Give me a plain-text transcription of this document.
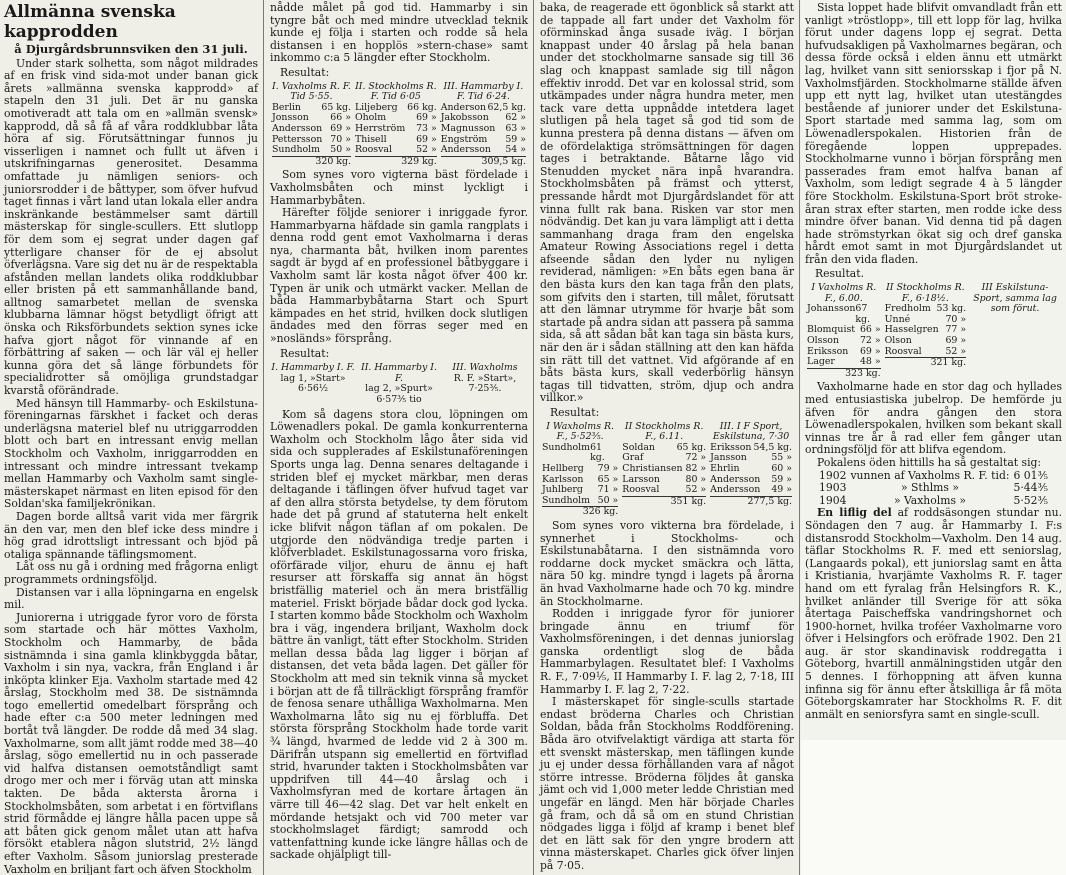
Allmänna svenska kapprodden
å Djurgårdsbrunnsviken den 31 juli.

Under stark solhetta, som något mildrades af en frisk vind sida-mot under banan gick årets »allmänna svenska kapprodd» af stapeln den 31 juli. Det är nu ganska omotiveradt att tala om en »allmän svensk» kapprodd, då så få af våra roddklubbar låta höra af sig. Förutsättningar funnos ju visserligen i namnet och fullt ut äfven i utskrifningarnas generositet. Desamma omfattade ju nämligen seniors- och juniorsrodder i de båttyper, som öfver hufvud taget finnas i vårt land utan lokala eller andra inskränkande bestämmelser samt därtill mästerskap för single-scullers. Ett slutlopp för dem som ej segrat under dagen gaf ytterligare chanser för de ej absolut öfverlägsna. Vare sig det nu är de respektabla afstånden mellan landets olika roddklubbar eller bristen på ett sammanhållande band, alltnog samarbetet mellan de svenska klubbarna lämnar högst betydligt öfrigt att önska och Riksförbundets sektion synes icke hafva gjort något för vinnande af en förbättring af saken — och lär väl ej heller kunna göra det så länge förbundets för specialidrotter så omöjliga grundstadgar kvarstå oförändrade.

Med hänsyn till Hammarby- och Eskilstuna-föreningarnas färskhet i facket och deras underlägsna materiel blef nu utriggarrodden blott och bart en intressant envig mellan Stockholm och Vaxholm, inriggarrodden en intressant och mindre intressant tvekamp mellan Hammarby och Vaxholm samt single-mästerskapet närmast en liten episod för den Soldan'ska familjekrönikan.

Dagen borde alltså varit vida mer färgrik än den var, men den blef icke dess mindre i hög grad idrottsligt intressant och bjöd på otaliga spännande täflingsmoment.

Låt oss nu gå i ordning med frågorna enligt programmets ordningsföljd.

Distansen var i alla löpningarna en engelsk mil.

Juniorerna i utriggade fyror voro de första som startade och här möttes Vaxholm, Stockholm och Hammarby, de båda sistnämnda i sina gamla klinkbyggda båtar, Vaxholm i sin nya, vackra, från England i år inköpta klinker Eja. Vaxholm startade med 42 årslag, Stockholm med 38. De sistnämnda togo emellertid omedelbart försprång och hade efter c:a 500 meter ledningen med bortåt två längder. De rodde då med 34 slag. Vaxholmarne, som allt jämt rodde med 38—40 årslag, sögo emellertid nu in och passerade vid halfva distansen oemotståndligt samt drogo mer och mer i förväg utan att minska takten. De båda aktersta årorna i Stockholmsbåten, som arbetat i en förtviflans strid förmådde ej längre hålla pacen uppe så att båten gick genom målet utan att hafva försökt etablera någon slutstrid, 2½ längd efter Vaxholm. Såsom juniorslag presterade Vaxholm en briljant fart och äfven Stockholm

nådde målet på god tid. Hammarby i sin tyngre båt och med mindre utvecklad teknik kunde ej följa i starten och rodde så hela distansen i en hopplös »stern-chase» samt inkommo c:a 5 längder efter Stockholm.

Resultat:

I. Vaxholms R. F. Tid 5·55.
Berlin 65 kg.
Jonsson 66 »
Andersson 69 »
Pettersson 70 »
Sundholm 50 »
320 kg.

II. Stockholms R. F. Tid 6·05
Liljeberg 66 kg.
Oholm	69 »
Herrström 73 »
Thisell	69 »
Roosval	52 »
329 kg.

III. Hammarby I. F. Tid 6·24.
Anderson 62,5 kg.
Jakobsson 62 »
Magnusson 63 »
Engström 59 »
Andersson 54 »
309,5 kg.

Som synes voro vigterna bäst fördelade i Vaxholmsbåten och minst lyckligt i Hammarbybåten.

Härefter följde seniorer i inriggade fyror. Hammarbyarna häfdade sin gamla rangplats i denna rodd gent emot Vaxholmarna i deras nya, charmanta båt, hvilken inom parentes sagdt är bygd af en professionel båtbyggare i Vaxholm samt lär kosta något öfver 400 kr. Typen är unik och utmärkt vacker. Mellan de båda Hammarbybåtarna Start och Spurt kämpades en het strid, hvilken dock slutligen ändades med den förras seger med en »nosländs» försprång.

Resultat:

I. Hammarby I. F.
lag 1, »Start»
6·56½
II. Hammarby I. F.
lag 2, »Spurt»
6·57⅗ tio
III. Waxholms
R. F. »Start»,
7·25⅗.

Kom så dagens stora clou, löpningen om Löwenadlers pokal. De gamla konkurrenterna Waxholm och Stockholm lågo åter sida vid sida och supplerades af Eskilstunaföreningen Sports unga lag. Denna senares deltagande i striden blef ej mycket märkbar, men deras deltagande i täflingen öfver hufvud taget var af den allra största betydelse, ty dem förutom hade det på grund af statuterna helt enkelt icke blifvit någon täflan af om pokalen. De utgjorde den nödvändiga tredje parten i klöfverbladet. Eskilstunagossarna voro friska, oförfärade viljor, ehuru de ännu ej haft resurser att förskaffa sig annat än högst bristfällig materiel och än mera bristfällig materiel. Friskt började bådar dock god lycka. I starten kommo både Stockholm och Waxholm bra i väg, ingendera briljant, Waxholm dock bättre än vanligt, tätt efter Stockholm. Striden mellan dessa båda lag ligger i början af distansen, det veta båda lagen. Det gäller för Stockholm att med sin teknik vinna så mycket i början att de få tillräckligt försprång framför de fenosa senare uthålliga Waxholmarna. Men Waxholmarna låto sig nu ej förbluffa. Det största försprång Stockholm hade torde varit ¾ längd, hvarmed de ledde vid 2 à 300 m. Därifrån utspann sig emellertid en förtviflad strid, hvarunder takten i Stockholmsbåten var uppdrifven till 44—40 årslag och i Vaxholmsfyran med de kortare årtagen än värre till 46—42 slag. Det var helt enkelt en mördande hetsjakt och vid 700 meter var stockholmslaget färdigt; samrodd och vattenfattning kunde icke längre hållas och de sackade ohjälpligt till-

baka, de reagerade ett ögonblick så starkt att de tappade all fart under det Vaxholm för oförminskad ånga susade iväg. I början knappast under 40 årslag på hela banan under det stockholmarne sansade sig till 36 slag och knappast samlade sig till någon effektiv inrodd. Det var en kolossal strid, som utkämpades under några hundra meter, men tack vare detta uppnådde intetdera laget slutligen på hela taget så god tid som de kunna prestera på denna distans — äfven om de ofördelaktiga strömsättningen för dagen tages i betraktande. Båtarne lågo vid Stenudden mycket nära inpå hvarandra. Stockholmsbåten på främst och ytterst, pressande hårdt mot Djurgårdslandet för att vinna fullt rak bana. Risken var stor men nödvändig. Det kan ju vara lämpligt att i detta sammanhang draga fram den engelska Amateur Rowing Associations regel i detta afseende sådan den lyder nu nyligen reviderad, nämligen: »En båts egen bana är den bästa kurs den kan taga från den plats, som gifvits den i starten, till målet, förutsatt att den lämnar utrymme för hvarje båt som startade på andra sidan att passera på samma sida, så att sådan båt kan taga sin bästa kurs, när den är i sådan ställning att den kan häfda sin rätt till det vattnet. Vid afgörande af en båts bästa kurs, skall vederbörlig hänsyn tagas till tidvatten, ström, djup och andra villkor.»

Resultat:

I Waxholms R. F., 5·52⅗.
Sundholm 61 kg.
Hellberg 79 »
Karlsson 65 »
Juhlberg 71 »
Sundholm 50 »
326 kg.

II Stockholms R. F., 6.11.
Soldan 65 kg.
Graf	72 »
Christiansen 82 »
Larsson	80 »
Roosval	52 »
351 kg.

III. I F Sport, Eskilstuna, 7·30
Eriksson 54,5 kg.
Jansson	55 »
Ehrlin	60 »
Andersson 59 »
Andersson 49 »
277,5 kg.

Som synes voro vikterna bra fördelade, i synnerhet i Stockholms- och Eskilstunabåtarna. I den sistnämnda voro roddarne dock mycket smäckra och lätta, nära 50 kg. mindre tyngd i lagets på årorna än hvad Vaxholmarne hade och 70 kg. mindre än Stockholmarne.

Rodden i inriggade fyror för juniorer bringade ännu en triumf för Vaxholmsföreningen, i det dennas juniorslag ganska ordentligt slog de båda Hammarbylagen. Resultatet blef: I Vaxholms R. F., 7·09⅕, II Hammarby I. F. lag 2, 7·18, III Hammarby I. F. lag 2, 7·22.

I mästerskapet för single-sculls startade endast bröderna Charles och Christian Soldan, båda från Stockholms Roddförening. Båda äro otvifvelaktigt värdiga att starta för ett svenskt mästerskap, men täflingen kunde ju ej under dessa förhållanden vara af något större intresse. Bröderna följdes åt ganska jämt och vid 1,000 meter ledde Christian med ungefär en längd. Men här började Charles gå fram, och då så om en stund Christian nödgades ligga i följd af kramp i benet blef det en lätt sak för den yngre brodern att vinna mästerskapet. Charles gick öfver linjen på 7·05.

Sista loppet hade blifvit omvandladt från ett vanligt »tröstlopp», till ett lopp för lag, hvilka förut under dagens lopp ej segrat. Detta hufvudsakligen på Vaxholmarnes begäran, och dessa förde också i elden ännu ett utmärkt lag, hvilket vann sitt seniorsskap i fjor på N. Vaxholmsfjärden. Stockholmarne ställde äfven upp ett nytt lag, hvilket utan utestängdes bestående af juniorer under det Eskilstuna-Sport startade med samma lag, som om Löwenadlerspokalen. Historien från de föregående loppen upprepades. Stockholmarne vunno i början försprång men passerades fram emot halfva banan af Vaxholm, som ledigt segrade 4 à 5 längder före Stockholm. Eskilstuna-Sport bröt stroke-åran strax efter starten, men rodde icke dess mindre öfver banan. Vid denna tid på dagen hade strömstyrkan ökat sig och dref ganska hårdt emot samt in mot Djurgårdslandet ut från den vida fladen.

Resultat.

I Vaxholms R. F., 6.00.
Johansson 67 kg.
Blomquist 66 »
Olsson 72 »
Eriksson 69 »
Lager	48 »
323 kg.

II Stockholms R. F., 6·18½.
Fredholm 53 kg.
Unné	70 »
Hasselgren 77 »
Olson	69 »
Roosval	52 »
321 kg.

III Eskilstuna-Sport, samma lag som förut.

Vaxholmarne hade en stor dag och hyllades med entusiastiska jubelrop. De hemförde ju äfven för andra gången den stora Löwenadlerspokalen, hvilken som bekant skall vinnas tre år å rad eller fem gånger utan ordningsföljd för att blifva egendom.

Pokalens öden hittills ha så gestaltat sig:

1902 vunnen af Vaxholms R. F. tid: 6 01⅗
1903	» Sthlms »	5·44⅗
1904	» Vaxholms »	5·52⅗

En liflig del af roddsäsongen stundar nu. Söndagen den 7 aug. år Hammarby I. F:s distansrodd Stockholm—Vaxholm. Den 14 aug. täflar Stockholms R. F. med ett seniorslag, (Langaards pokal), ett juniorslag samt en åtta i Kristiania, hvarjämte Vaxholms R. F. tager hand om ett fyralag från Helsingfors R. K., hvilket anländer till Sverige för att söka återtaga Paischeffska vandringshornet och 1900-hornet, hvilka troféer Vaxholmarne voro öfver i Helsingfors och eröfrade 1902. Den 21 aug. är stor skandinavisk roddregatta i Göteborg, hvartill anmälningstiden utgår den 5 dennes. I förhoppning att äfven kunna infinna sig för ännu efter åtskilliga år få möta Göteborgskamrater har Stockholms R. F. dit anmält en seniorsfyra samt en single-scull.
